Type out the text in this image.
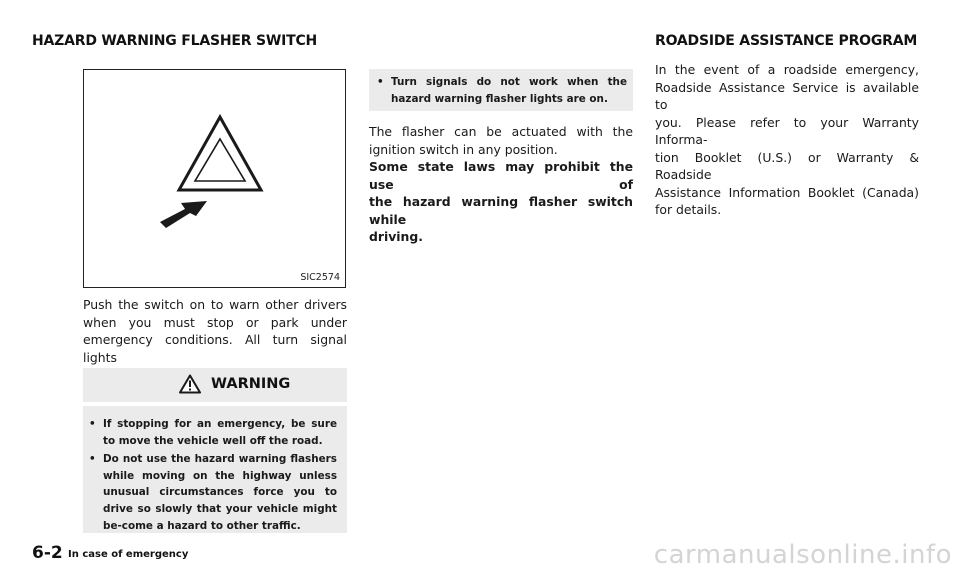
HAZARD WARNING FLASHER SWITCH	ROADSIDE ASSISTANCE PROGRAM
SIC2574
Push the switch on to warn other drivers
when you must stop or park under
emergency conditions. All turn signal lights
WARNING
• If stopping for an emergency, be sure to move the vehicle well off the road.
• Do not use the hazard warning flashers while moving on the highway unless unusual circumstances force you to drive so slowly that your vehicle might be-come a hazard to other traffic.
• Turn signals do not work when the hazard warning flasher lights are on.
The flasher can be actuated with the
ignition switch in any position.
Some state laws may prohibit the use of
the hazard warning flasher switch while
driving.
In the event of a roadside emergency,
Roadside Assistance Service is available to
you. Please refer to your Warranty Informa-
tion Booklet (U.S.) or Warranty & Roadside
Assistance Information Booklet (Canada)
for details.
6-2 In case of emergency	carmanualsonline.info
